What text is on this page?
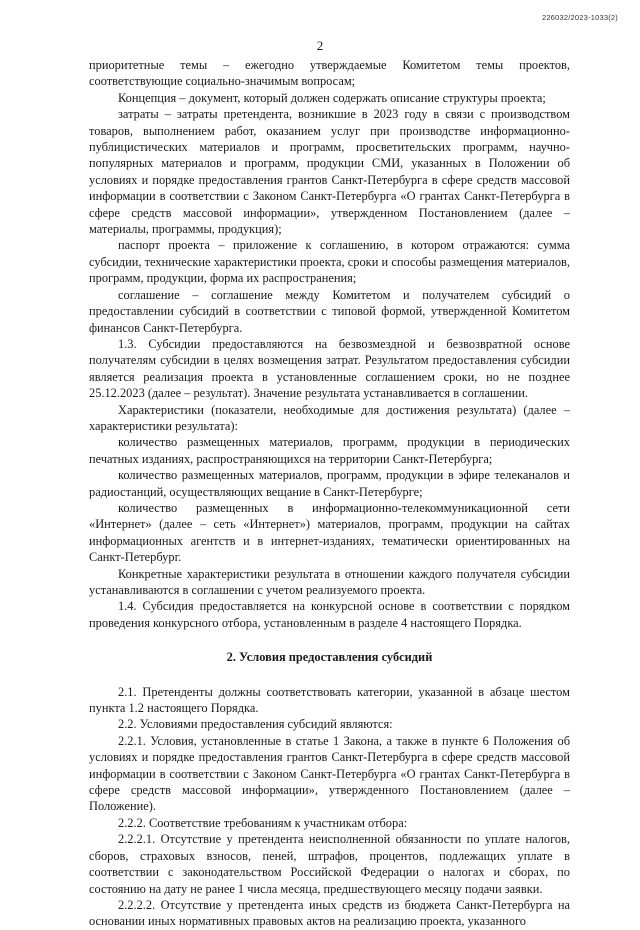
226032/2023-1033(2)
2

приоритетные темы – ежегодно утверждаемые Комитетом темы проектов, соответствующие социально-значимым вопросам;

Концепция – документ, который должен содержать описание структуры проекта;

затраты – затраты претендента, возникшие в 2023 году в связи с производством товаров, выполнением работ, оказанием услуг при производстве информационно-публицистических материалов и программ, просветительских программ, научно-популярных материалов и программ, продукции СМИ, указанных в Положении об условиях и порядке предоставления грантов Санкт-Петербурга в сфере средств массовой информации в соответствии с Законом Санкт-Петербурга «О грантах Санкт-Петербурга в сфере средств массовой информации», утвержденном Постановлением (далее – материалы, программы, продукция);

паспорт проекта – приложение к соглашению, в котором отражаются: сумма субсидии, технические характеристики проекта, сроки и способы размещения материалов, программ, продукции, форма их распространения;

соглашение – соглашение между Комитетом и получателем субсидий о предоставлении субсидий в соответствии с типовой формой, утвержденной Комитетом финансов Санкт-Петербурга.

1.3. Субсидии предоставляются на безвозмездной и безвозвратной основе получателям субсидии в целях возмещения затрат. Результатом предоставления субсидии является реализация проекта в установленные соглашением сроки, но не позднее 25.12.2023 (далее – результат). Значение результата устанавливается в соглашении.

Характеристики (показатели, необходимые для достижения результата) (далее – характеристики результата):

количество размещенных материалов, программ, продукции в периодических печатных изданиях, распространяющихся на территории Санкт-Петербурга;

количество размещенных материалов, программ, продукции в эфире телеканалов и радиостанций, осуществляющих вещание в Санкт-Петербурге;

количество размещенных в информационно-телекоммуникационной сети «Интернет» (далее – сеть «Интернет») материалов, программ, продукции на сайтах информационных агентств и в интернет-изданиях, тематически ориентированных на Санкт-Петербург.

Конкретные характеристики результата в отношении каждого получателя субсидии устанавливаются в соглашении с учетом реализуемого проекта.

1.4. Субсидия предоставляется на конкурсной основе в соответствии с порядком проведения конкурсного отбора, установленным в разделе 4 настоящего Порядка.

2. Условия предоставления субсидий

2.1. Претенденты должны соответствовать категории, указанной в абзаце шестом пункта 1.2 настоящего Порядка.

2.2. Условиями предоставления субсидий являются:

2.2.1. Условия, установленные в статье 1 Закона, а также в пункте 6 Положения об условиях и порядке предоставления грантов Санкт-Петербурга в сфере средств массовой информации в соответствии с Законом Санкт-Петербурга «О грантах Санкт-Петербурга в сфере средств массовой информации», утвержденного Постановлением (далее – Положение).

2.2.2. Соответствие требованиям к участникам отбора:

2.2.2.1. Отсутствие у претендента неисполненной обязанности по уплате налогов, сборов, страховых взносов, пеней, штрафов, процентов, подлежащих уплате в соответствии с законодательством Российской Федерации о налогах и сборах, по состоянию на дату не ранее 1 числа месяца, предшествующего месяцу подачи заявки.

2.2.2.2. Отсутствие у претендента иных средств из бюджета Санкт-Петербурга на основании иных нормативных правовых актов на реализацию проекта, указанного
